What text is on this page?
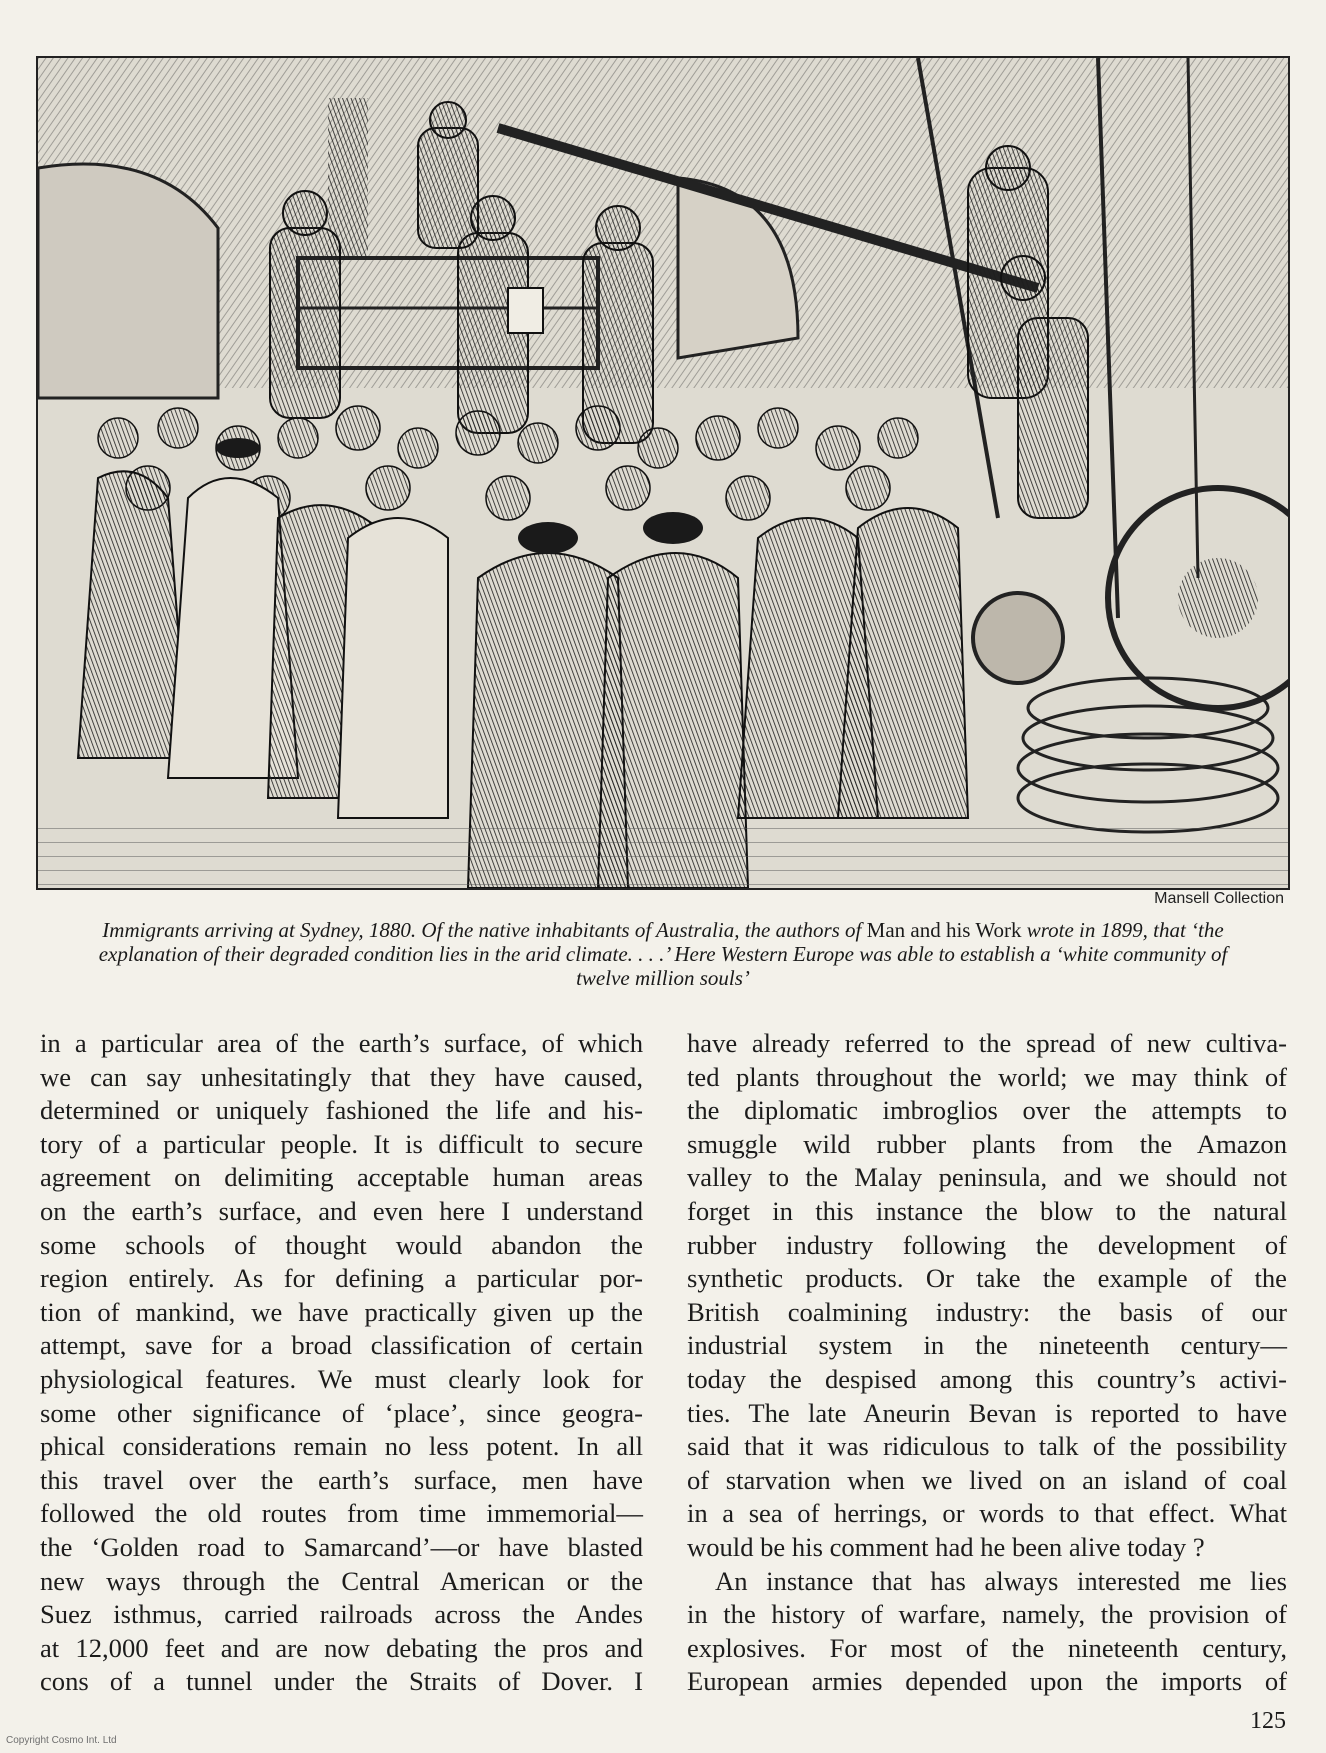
Mansell Collection
Immigrants arriving at Sydney, 1880. Of the native inhabitants of Australia, the authors of Man and his Work wrote in 1899, that ‘the explanation of their degraded condition lies in the arid climate. . . .’ Here Western Europe was able to establish a ‘white community of twelve million souls’
in a particular area of the earth’s surface, of which
we can say unhesitatingly that they have caused,
determined or uniquely fashioned the life and his-
tory of a particular people. It is difficult to secure
agreement on delimiting acceptable human areas
on the earth’s surface, and even here I understand
some schools of thought would abandon the
region entirely. As for defining a particular por-
tion of mankind, we have practically given up the
attempt, save for a broad classification of certain
physiological features. We must clearly look for
some other significance of ‘place’, since geogra-
phical considerations remain no less potent. In all
this travel over the earth’s surface, men have
followed the old routes from time immemorial—
the ‘Golden road to Samarcand’—or have blasted
new ways through the Central American or the
Suez isthmus, carried railroads across the Andes
at 12,000 feet and are now debating the pros and
cons of a tunnel under the Straits of Dover. I
have already referred to the spread of new cultiva-
ted plants throughout the world; we may think of
the diplomatic imbroglios over the attempts to
smuggle wild rubber plants from the Amazon
valley to the Malay peninsula, and we should not
forget in this instance the blow to the natural
rubber industry following the development of
synthetic products. Or take the example of the
British coalmining industry: the basis of our
industrial system in the nineteenth century—
today the despised among this country’s activi-
ties. The late Aneurin Bevan is reported to have
said that it was ridiculous to talk of the possibility
of starvation when we lived on an island of coal
in a sea of herrings, or words to that effect. What
would be his comment had he been alive today ?
An instance that has always interested me lies
in the history of warfare, namely, the provision of
explosives. For most of the nineteenth century,
European armies depended upon the imports of
125
Copyright Cosmo Int. Ltd
